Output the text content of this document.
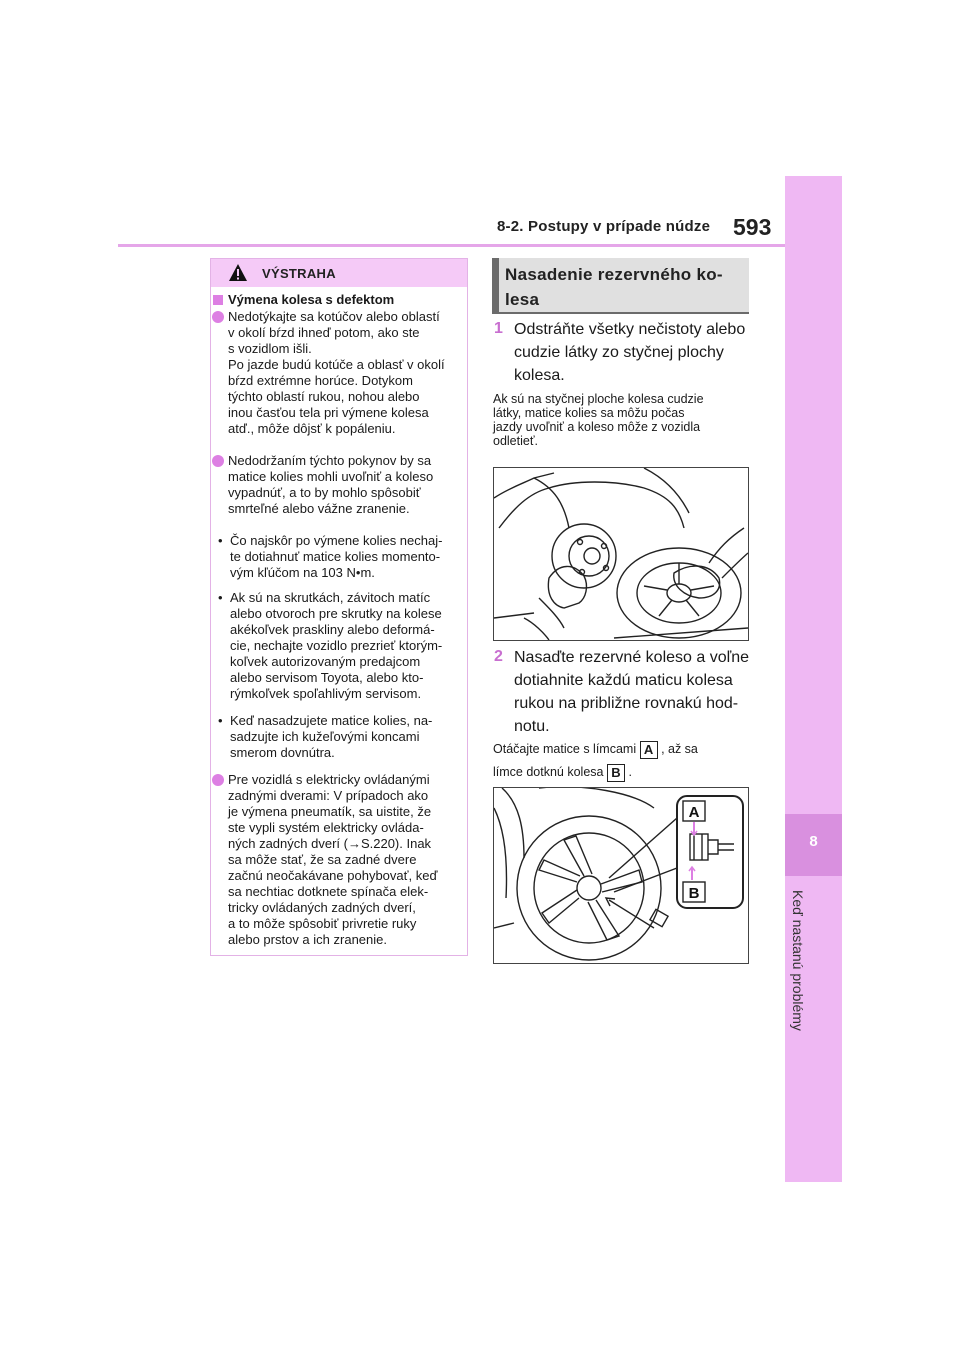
8-2. Postupy v prípade núdze 593
8
Keď nastanú problémy
VÝSTRAHA
Výmena kolesa s defektom
Nedotýkajte sa kotúčov alebo oblastí
v okolí bŕzd ihneď potom, ako ste
s vozidlom išli.
Po jazde budú kotúče a oblasť v okolí
bŕzd extrémne horúce. Dotykom
týchto oblastí rukou, nohou alebo
inou časťou tela pri výmene kolesa
atď., môže dôjsť k popáleniu.
Nedodržaním týchto pokynov by sa
matice kolies mohli uvoľniť a koleso
vypadnúť, a to by mohlo spôsobiť
smrteľné alebo vážne zranenie.
• Čo najskôr po výmene kolies nechaj-
te dotiahnuť matice kolies momento-
vým kľúčom na 103 N•m.
• Ak sú na skrutkách, závitoch matíc
alebo otvoroch pre skrutky na kolese
akékoľvek praskliny alebo deformá-
cie, nechajte vozidlo prezrieť ktorým-
koľvek autorizovaným predajcom
alebo servisom Toyota, alebo kto-
rýmkoľvek spoľahlivým servisom.
• Keď nasadzujete matice kolies, na-
sadzujte ich kužeľovými koncami
smerom dovnútra.
Pre vozidlá s elektricky ovládanými
zadnými dverami: V prípadoch ako
je výmena pneumatík, sa uistite, že
ste vypli systém elektricky ovláda-
ných zadných dverí (→S.220). Inak
sa môže stať, že sa zadné dvere
začnú neočakávane pohybovať, keď
sa nechtiac dotknete spínača elek-
tricky ovládaných zadných dverí,
a to môže spôsobiť privretie ruky
alebo prstov a ich zranenie.
Nasadenie rezervného ko-
lesa
1 Odstráňte všetky nečistoty alebo
cudzie látky zo styčnej plochy
kolesa.
Ak sú na styčnej ploche kolesa cudzie
látky, matice kolies sa môžu počas
jazdy uvoľniť a koleso môže z vozidla
odletieť.
2 Nasaďte rezervné koleso a voľne
dotiahnite každú maticu kolesa
rukou na približne rovnakú hod-
notu.
Otáčajte matice s límcami A , až sa
límce dotknú kolesa B .
A
B
